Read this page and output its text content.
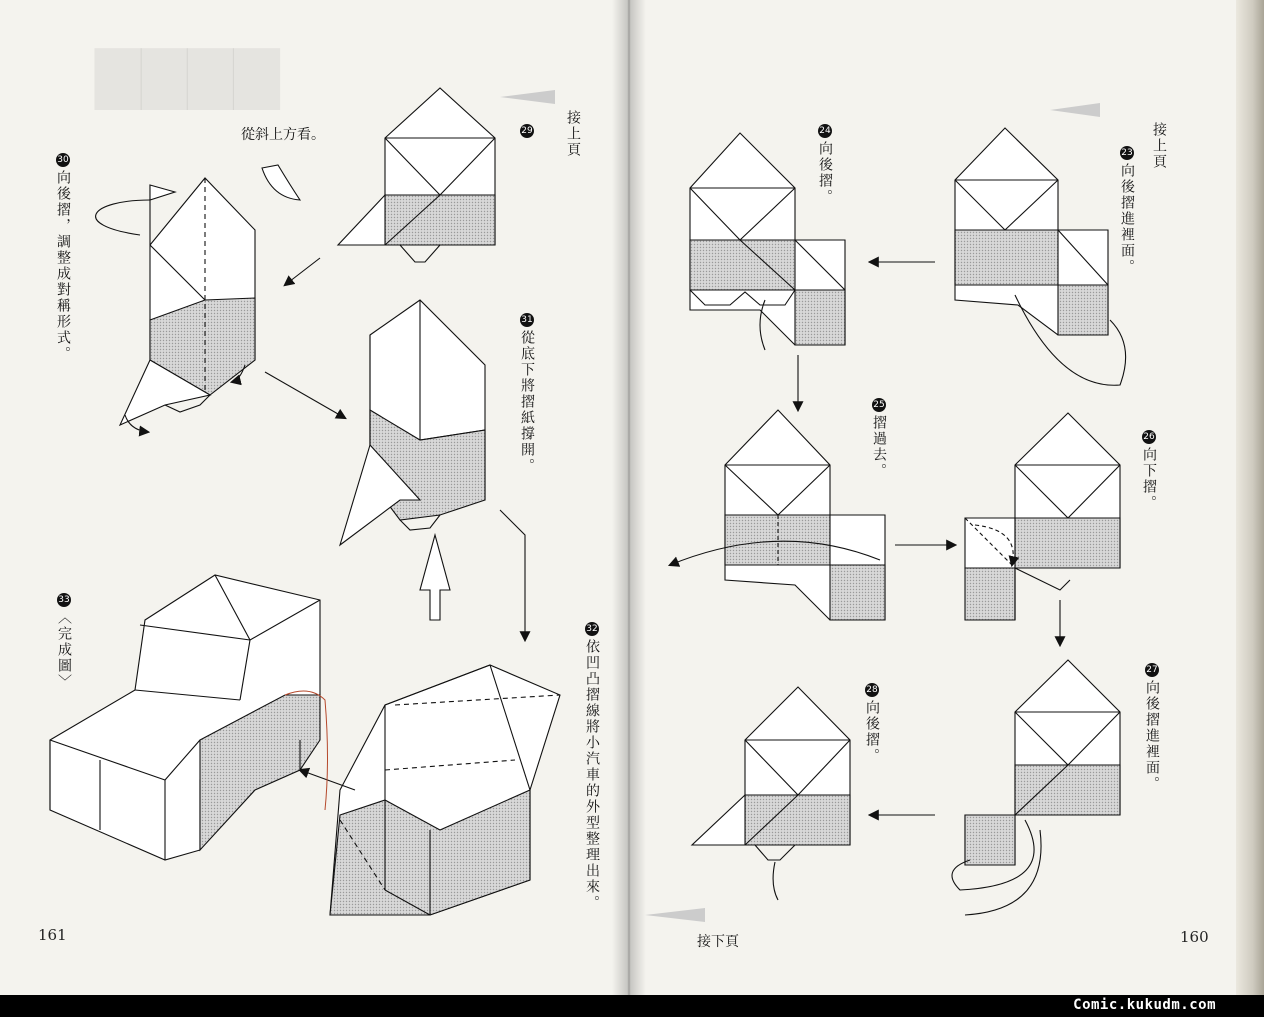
▇▇▇▇
接上頁
從斜上方看。	29
30向後摺，調整成對稱形式。	31從底下將摺紙撐開。
32依凹凸摺線將小汽車的外型整理出來。
33〈完成圖〉
161
接上頁
23向後摺進裡面。
24向後摺。
25摺過去。	26向下摺。
27向後摺進裡面。
28向後摺。
接下頁	160
Comic.kukudm.com
